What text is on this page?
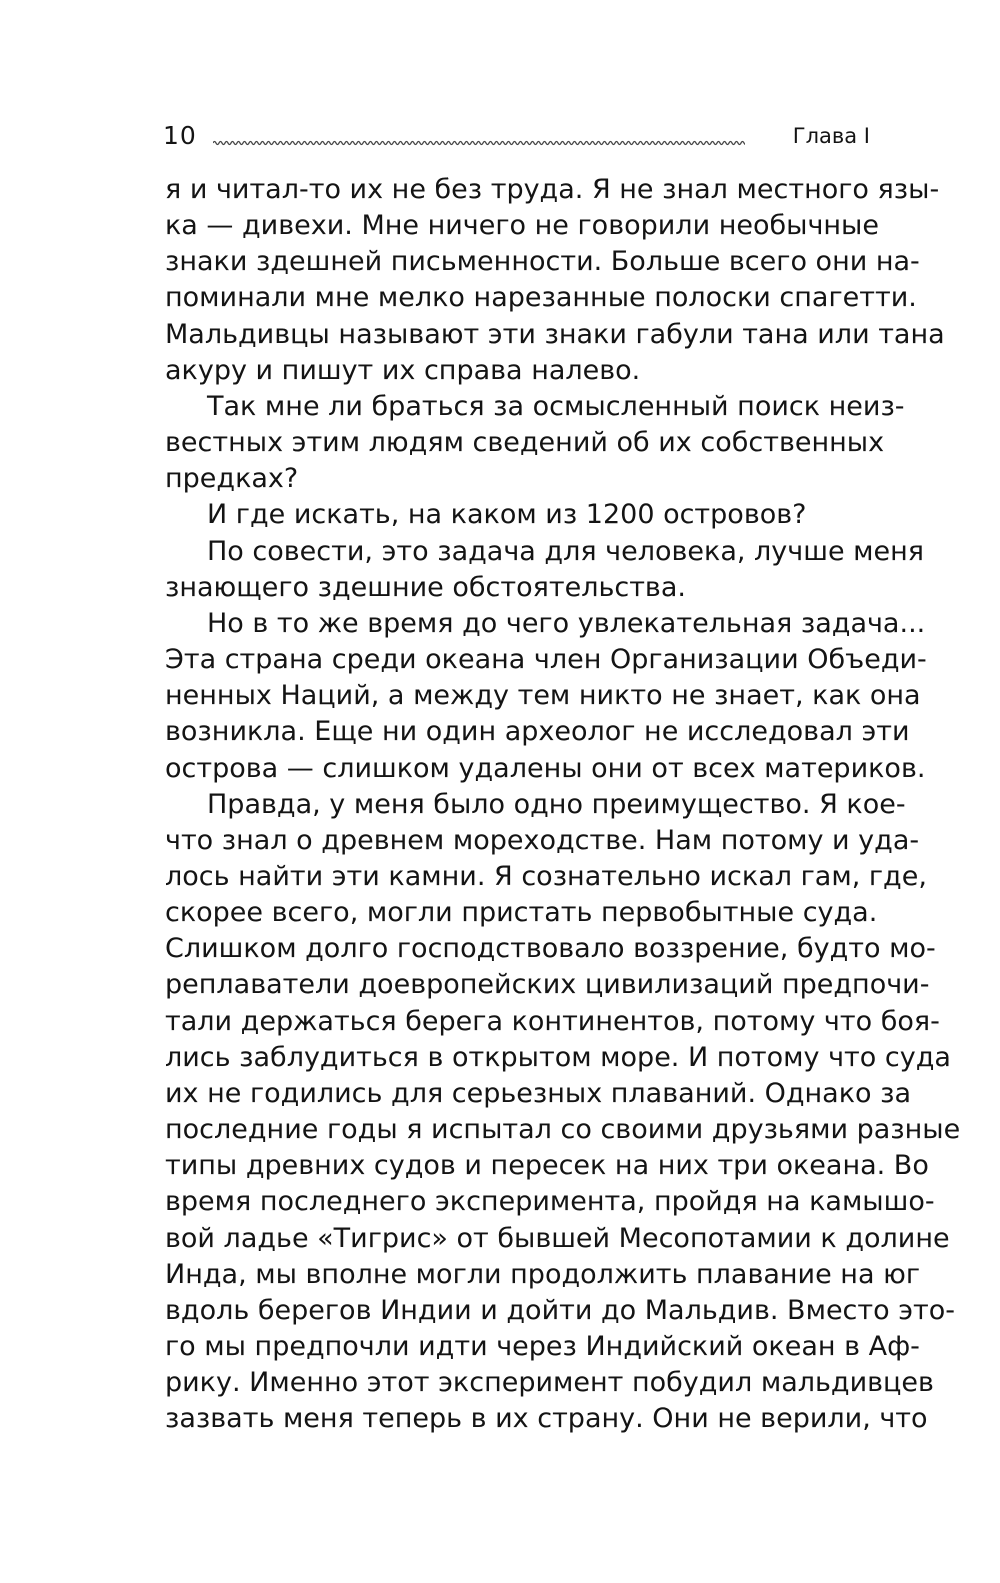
10	Глава I
я и читал-то их не без труда. Я не знал местного язы-
ка — дивехи. Мне ничего не говорили необычные
знаки здешней письменности. Больше всего они на-
поминали мне мелко нарезанные полоски спагетти.
Мальдивцы называют эти знаки габули тана или тана
акуру и пишут их справа налево.
Так мне ли браться за осмысленный поиск неиз-
вестных этим людям сведений об их собственных
предках?
И где искать, на каком из 1200 островов?
По совести, это задача для человека, лучше меня
знающего здешние обстоятельства.
Но в то же время до чего увлекательная задача...
Эта страна среди океана член Организации Объеди-
ненных Наций, а между тем никто не знает, как она
возникла. Еще ни один археолог не исследовал эти
острова — слишком удалены они от всех материков.
Правда, у меня было одно преимущество. Я кое-
что знал о древнем мореходстве. Нам потому и уда-
лось найти эти камни. Я сознательно искал гам, где,
скорее всего, могли пристать первобытные суда.
Слишком долго господствовало воззрение, будто мо-
реплаватели доевропейских цивилизаций предпочи-
тали держаться берега континентов, потому что боя-
лись заблудиться в открытом море. И потому что суда
их не годились для серьезных плаваний. Однако за
последние годы я испытал со своими друзьями разные
типы древних судов и пересек на них три океана. Во
время последнего эксперимента, пройдя на камышо-
вой ладье «Тигрис» от бывшей Месопотамии к долине
Инда, мы вполне могли продолжить плавание на юг
вдоль берегов Индии и дойти до Мальдив. Вместо это-
го мы предпочли идти через Индийский океан в Аф-
рику. Именно этот эксперимент побудил мальдивцев
зазвать меня теперь в их страну. Они не верили, что
